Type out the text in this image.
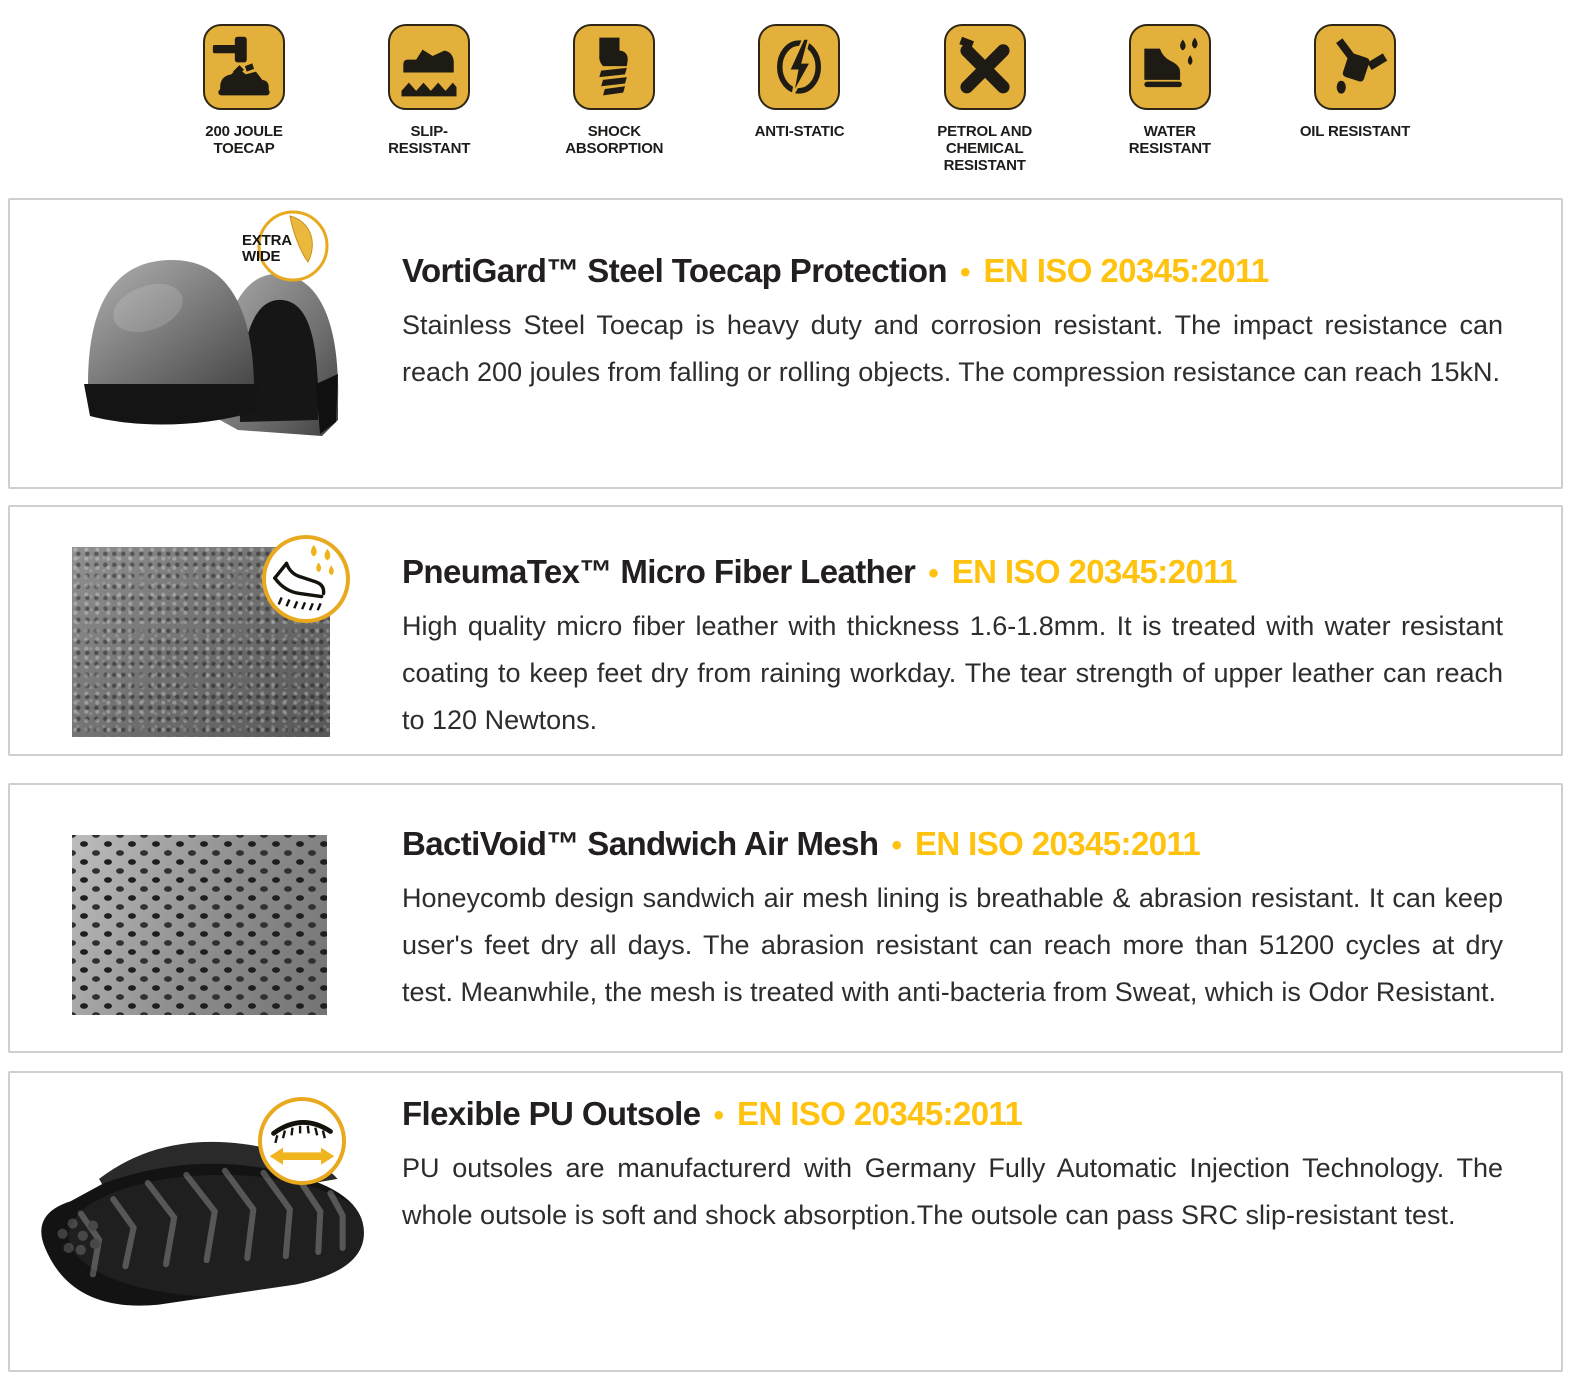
200 JOULE TOECAP
SLIP-RESISTANT
SHOCK ABSORPTION
ANTI-STATIC	PETROL AND CHEMICAL RESISTANT
WATER RESISTANT
OIL RESISTANT
EXTRA WIDE	VortiGard™ Steel Toecap Protection • EN ISO 20345:2011

Stainless Steel Toecap is heavy duty and corrosion resistant. The impact resistance can reach 200 joules from falling or rolling objects. The compression resistance can reach 15kN.

PneumaTex™ Micro Fiber Leather • EN ISO 20345:2011

High quality micro fiber leather with thickness 1.6-1.8mm. It is treated with water resistant coating to keep feet dry from raining workday. The tear strength of upper leather can reach to 120 Newtons.

BactiVoid™ Sandwich Air Mesh • EN ISO 20345:2011

Honeycomb design sandwich air mesh lining is breathable & abrasion resistant. It can keep user's feet dry all days. The abrasion resistant can reach more than 51200 cycles at dry test. Meanwhile, the mesh is treated with anti-bacteria from Sweat, which is Odor Resistant.

Flexible PU Outsole • EN ISO 20345:2011

PU outsoles are manufacturerd with Germany Fully Automatic Injection Technology. The whole outsole is soft and shock absorption.The outsole can pass SRC slip-resistant test.
